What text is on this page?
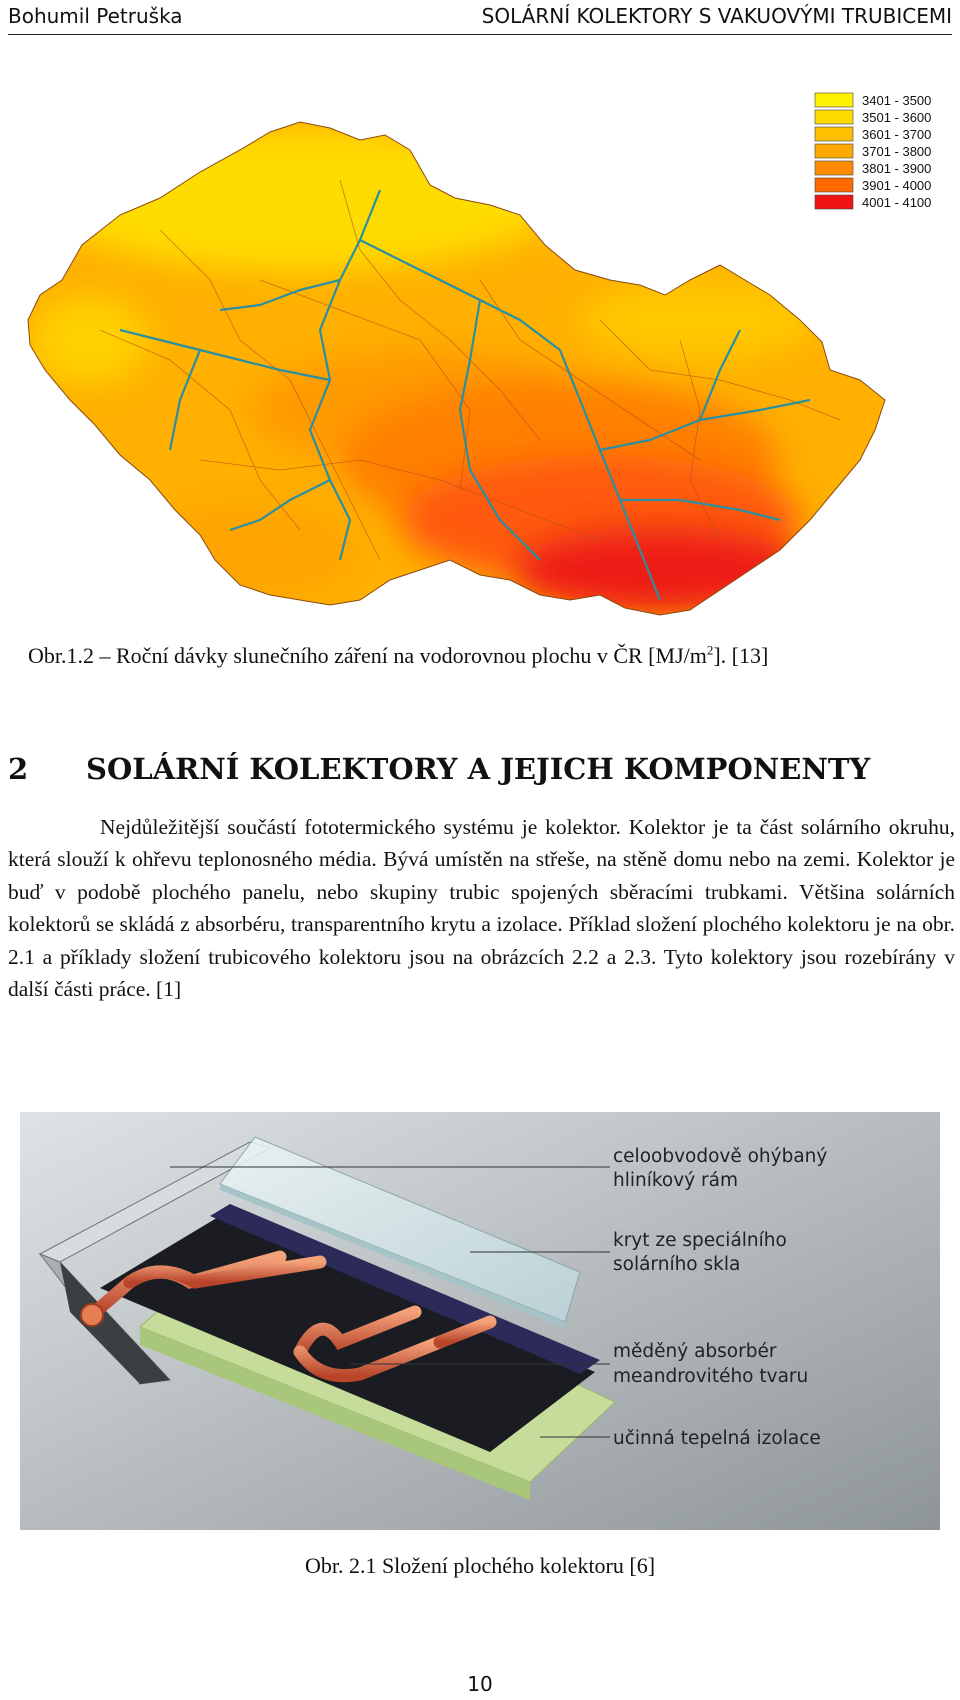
Bohumil Petruška	SOLÁRNÍ KOLEKTORY S VAKUOVÝMI TRUBICEMI
3401 - 3500
3501 - 3600
3601 - 3700
3701 - 3800
3801 - 3900
3901 - 4000
4001 - 4100
Obr.1.2 – Roční dávky slunečního záření na vodorovnou plochu v ČR $[MJ/m^2]$. [13]
2 SOLÁRNÍ KOLEKTORY A JEJICH KOMPONENTY

Nejdůležitější součástí fototermického systému je kolektor. Kolektor je ta část solárního okruhu, která slouží k ohřevu teplonosného média. Bývá umístěn na střeše, na stěně domu nebo na zemi. Kolektor je buď v podobě plochého panelu, nebo skupiny trubic spojených sběracími trubkami. Většina solárních kolektorů se skládá z absorbéru, transparentního krytu a izolace. Příklad složení plochého kolektoru je na obr. 2.1 a příklady složení trubicového kolektoru jsou na obrázcích 2.2 a 2.3. Tyto kolektory jsou rozebírány v další části práce. [1]

celoobvodově ohýbaný
hliníkový rám
kryt ze speciálního
solárního skla
měděný absorbér
meandrovitého tvaru
učinná tepelná izolace
Obr. 2.1 Složení plochého kolektoru [6]
10
